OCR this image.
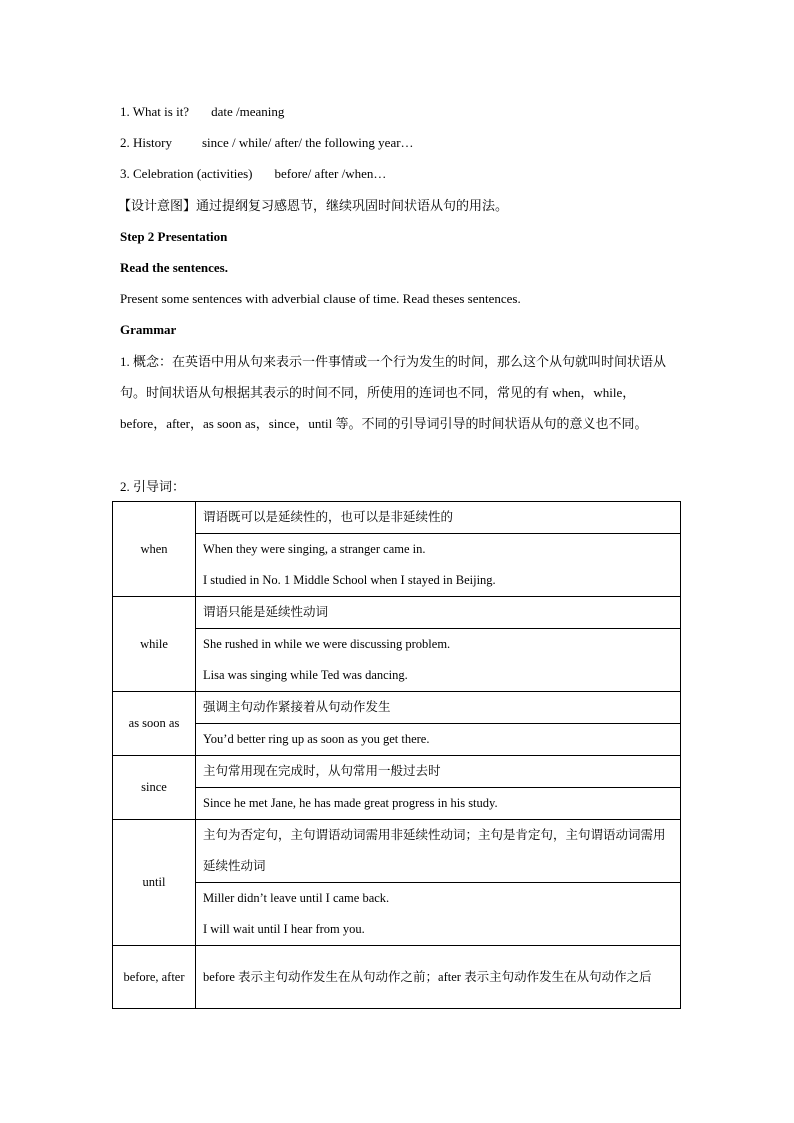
1. What is it? date /meaning
2. History since / while/ after/ the following year…
3. Celebration (activities) before/ after /when…
【设计意图】通过提纲复习感恩节，继续巩固时间状语从句的用法。
Step 2 Presentation
Read the sentences.
Present some sentences with adverbial clause of time. Read theses sentences.
Grammar
1. 概念：在英语中用从句来表示一件事情或一个行为发生的时间，那么这个从句就叫时间状语从句。时间状语从句根据其表示的时间不同，所使用的连词也不同，常见的有 when，while，before，after，as soon as，since，until 等。不同的引导词引导的时间状语从句的意义也不同。
2. 引导词：
when	谓语既可以是延续性的，也可以是非延续性的

	When they were singing, a stranger came in.
I studied in No. 1 Middle School when I stayed in Beijing.

while	谓语只能是延续性动词

	She rushed in while we were discussing problem.
Lisa was singing while Ted was dancing.

as soon as	强调主句动作紧接着从句动作发生

	You’d better ring up as soon as you get there.

since	主句常用现在完成时，从句常用一般过去时

	Since he met Jane, he has made great progress in his study.

until	主句为否定句，主句谓语动词需用非延续性动词；主句是肯定句，主句谓语动词需用延续性动词

	Miller didn’t leave until I came back.
I will wait until I hear from you.

before, after	before 表示主句动作发生在从句动作之前；after 表示主句动作发生在从句动作之后
